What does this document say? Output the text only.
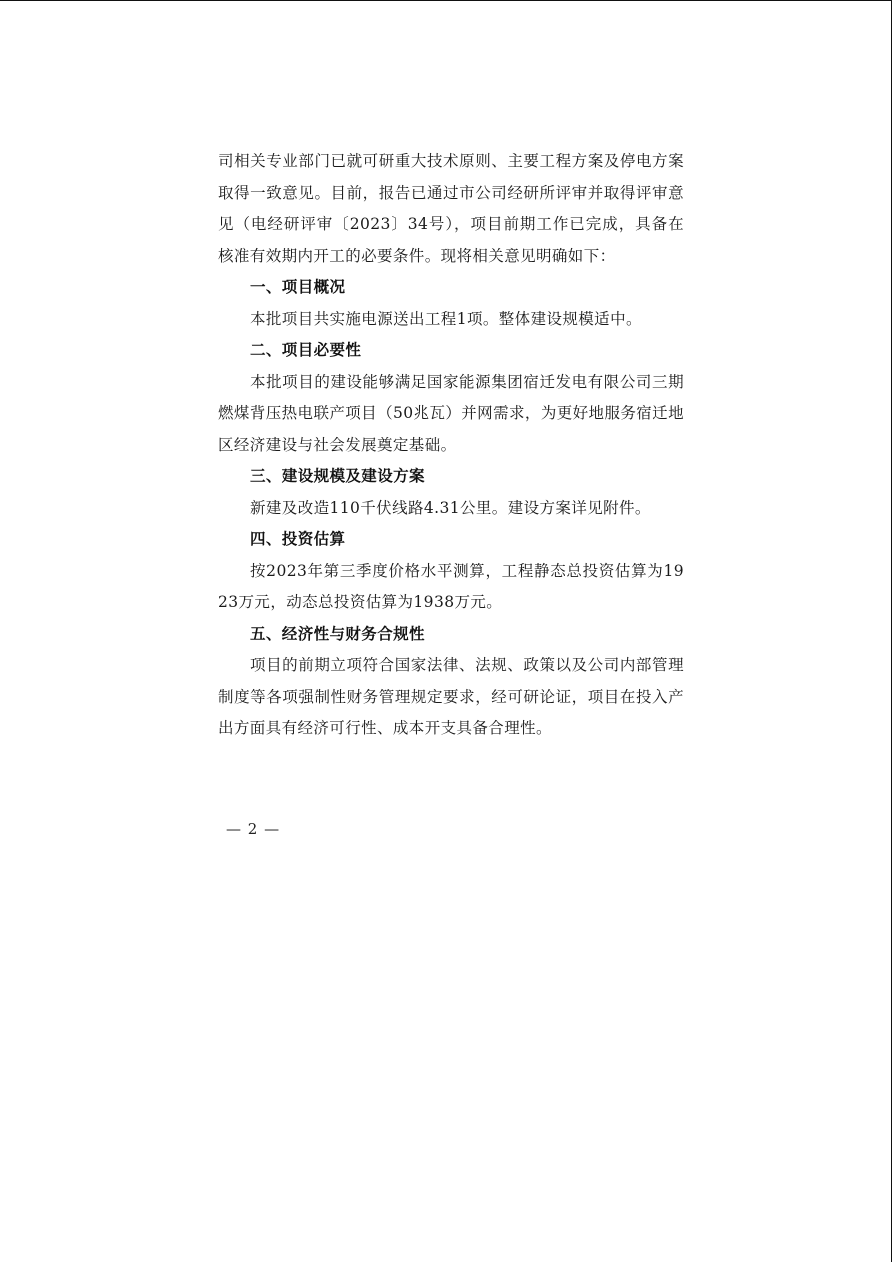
司相关专业部门已就可研重大技术原则、主要工程方案及停电方案取得一致意见。目前，报告已通过市公司经研所评审并取得评审意见（电经研评审〔2023〕34号），项目前期工作已完成，具备在核准有效期内开工的必要条件。现将相关意见明确如下：

一、项目概况

本批项目共实施电源送出工程1项。整体建设规模适中。

二、项目必要性

本批项目的建设能够满足国家能源集团宿迁发电有限公司三期燃煤背压热电联产项目（50兆瓦）并网需求，为更好地服务宿迁地区经济建设与社会发展奠定基础。

三、建设规模及建设方案

新建及改造110千伏线路4.31公里。建设方案详见附件。

四、投资估算

按2023年第三季度价格水平测算，工程静态总投资估算为1923万元，动态总投资估算为1938万元。

五、经济性与财务合规性

项目的前期立项符合国家法律、法规、政策以及公司内部管理制度等各项强制性财务管理规定要求，经可研论证，项目在投入产出方面具有经济可行性、成本开支具备合理性。

— 2 —
